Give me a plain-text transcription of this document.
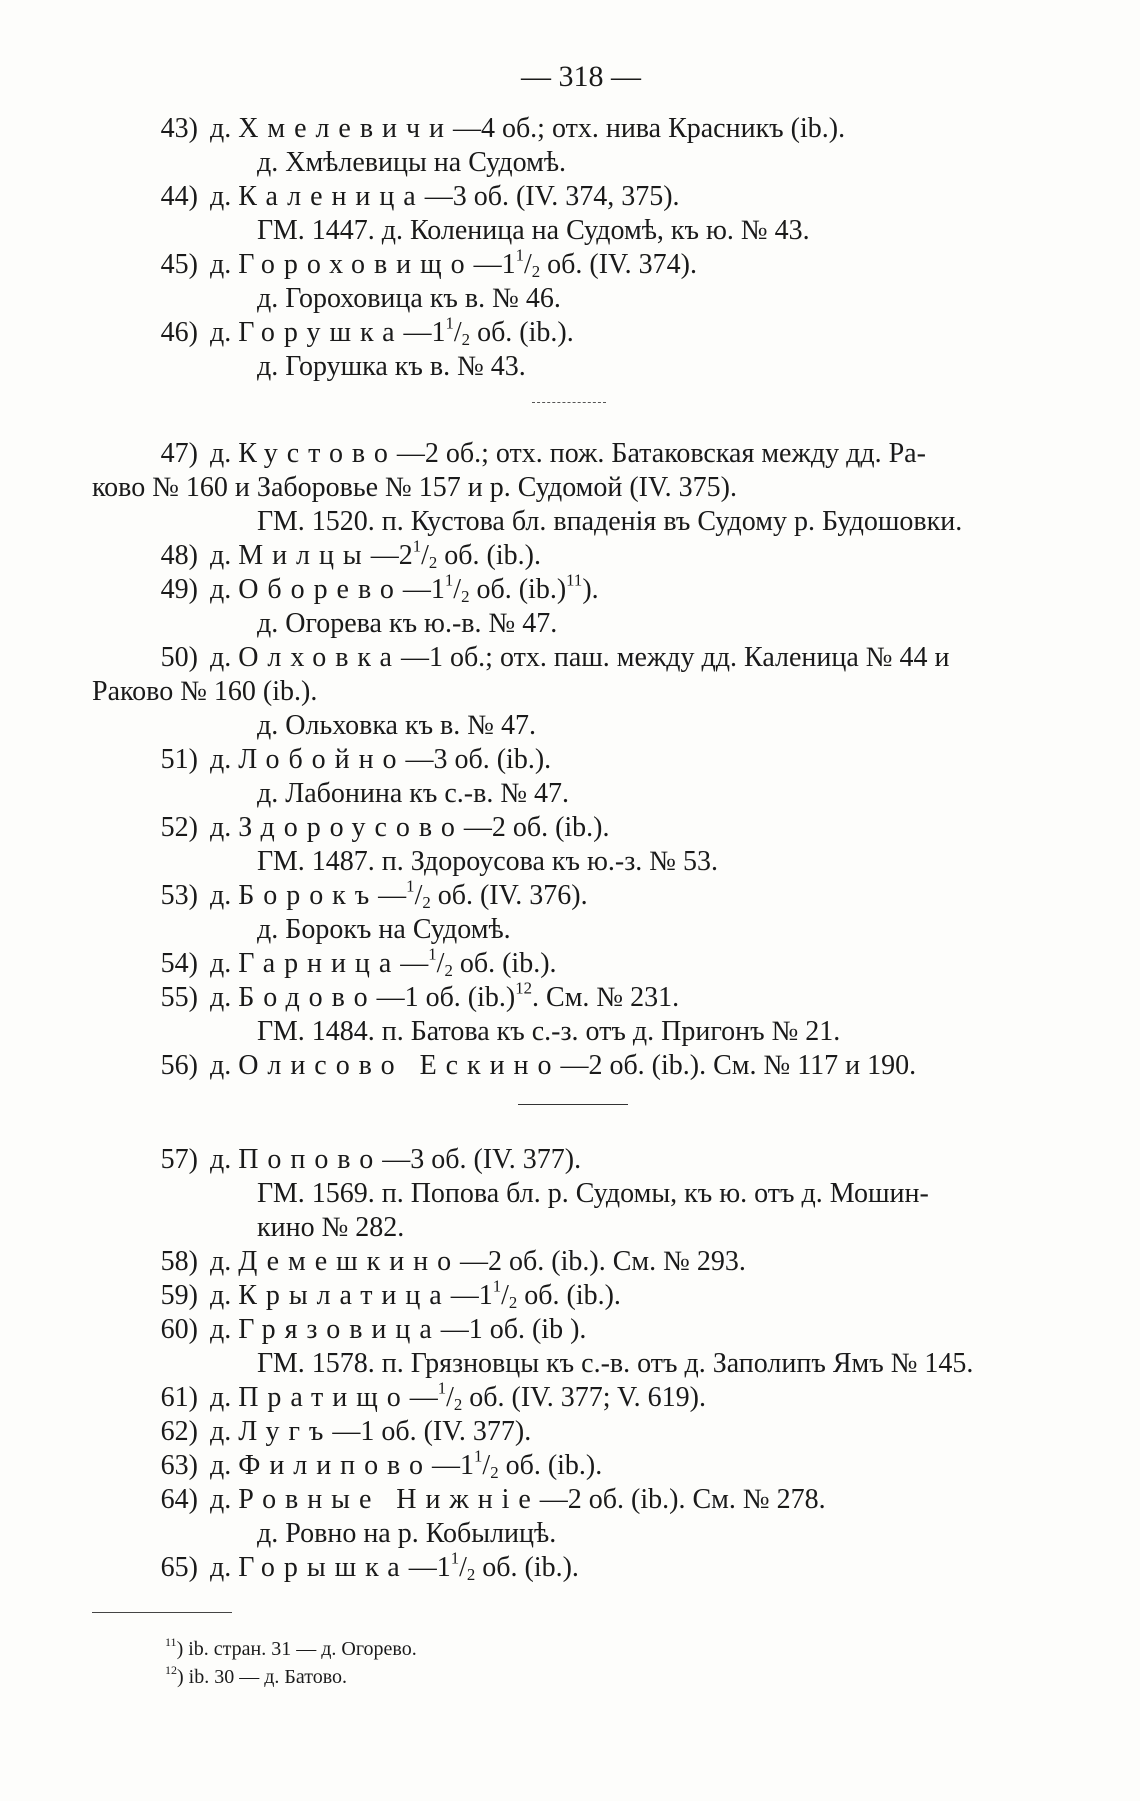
— 318 —
43) д. Хмелевичи—4 об.; отх. нива Красникъ (ib.).
д. Хмѣлевицы на Судомѣ.
44) д. Каленица—3 об. (IV. 374, 375).
ГМ. 1447. д. Коленица на Судомѣ, къ ю. № 43.
45) д. $Гороховищо—1^1/_2$ об. (IV. 374).
д. Гороховица къ в. № 46.
46) д. $Горушка—1^1/_2$ об. (ib.).
д. Горушка къ в. № 43.
47) д. Кустово—2 об.; отх. пож. Батаковская между дд. Ра-
ково № 160 и Заборовье № 157 и р. Судомой (IV. 375).
ГМ. 1520. п. Кустова бл. впаденія въ Судому р. Будошовки.
48) д. $Милцы—2^1/_2$ об. (ib.).
49) д. $Оборево—1^1/_2$ об. $(ib.)^{11}$).
д. Огорева къ ю.-в. № 47.
50) д. Олховка—1 об.; отх. паш. между дд. Каленица № 44 и
Раково № 160 (ib.).
д. Ольховка къ в. № 47.
51) д. Лобойно—3 об. (ib.).
д. Лабонина къ с.-в. № 47.
52) д. Здороусово—2 об. (ib.).
ГМ. 1487. п. Здороусова къ ю.-з. № 53.
53) д. $Борокъ—^1/_2$ об. (IV. 376).
д. Борокъ на Судомѣ.
54) д. $Гарница—^1/_2$ об. (ib.).
55) д. Бодово—1 об. $(ib.)^{12}$. См. № 231.
ГМ. 1484. п. Батова къ с.-з. отъ д. Пригонъ № 21.
56) д. Олисово Ескино—2 об. (ib.). См. № 117 и 190.
57) д. Попово—3 об. (IV. 377).
ГМ. 1569. п. Попова бл. р. Судомы, къ ю. отъ д. Мошин-
кино № 282.
58) д. Демешкино—2 об. (ib.). См. № 293.
59) д. $Крылатица—1^1/_2$ об. (ib.).
60) д. Грязовица—1 об. (ib ).
ГМ. 1578. п. Грязновцы къ с.-в. отъ д. Заполипъ Ямъ № 145.
61) д. $Пратищо—^1/_2$ об. (IV. 377; V. 619).
62) д. Лугъ—1 об. (IV. 377).
63) д. $Филипово—1^1/_2$ об. (ib.).
64) д. Ровные Нижніе—2 об. (ib.). См. № 278.
д. Ровно на р. Кобылицѣ.
65) д. $Горышка—1^1/_2$ об. (ib.).
$^{11}$) ib. стран. 31 — д. Огорево.
$^{12}$) ib. 30 — д. Батово.
